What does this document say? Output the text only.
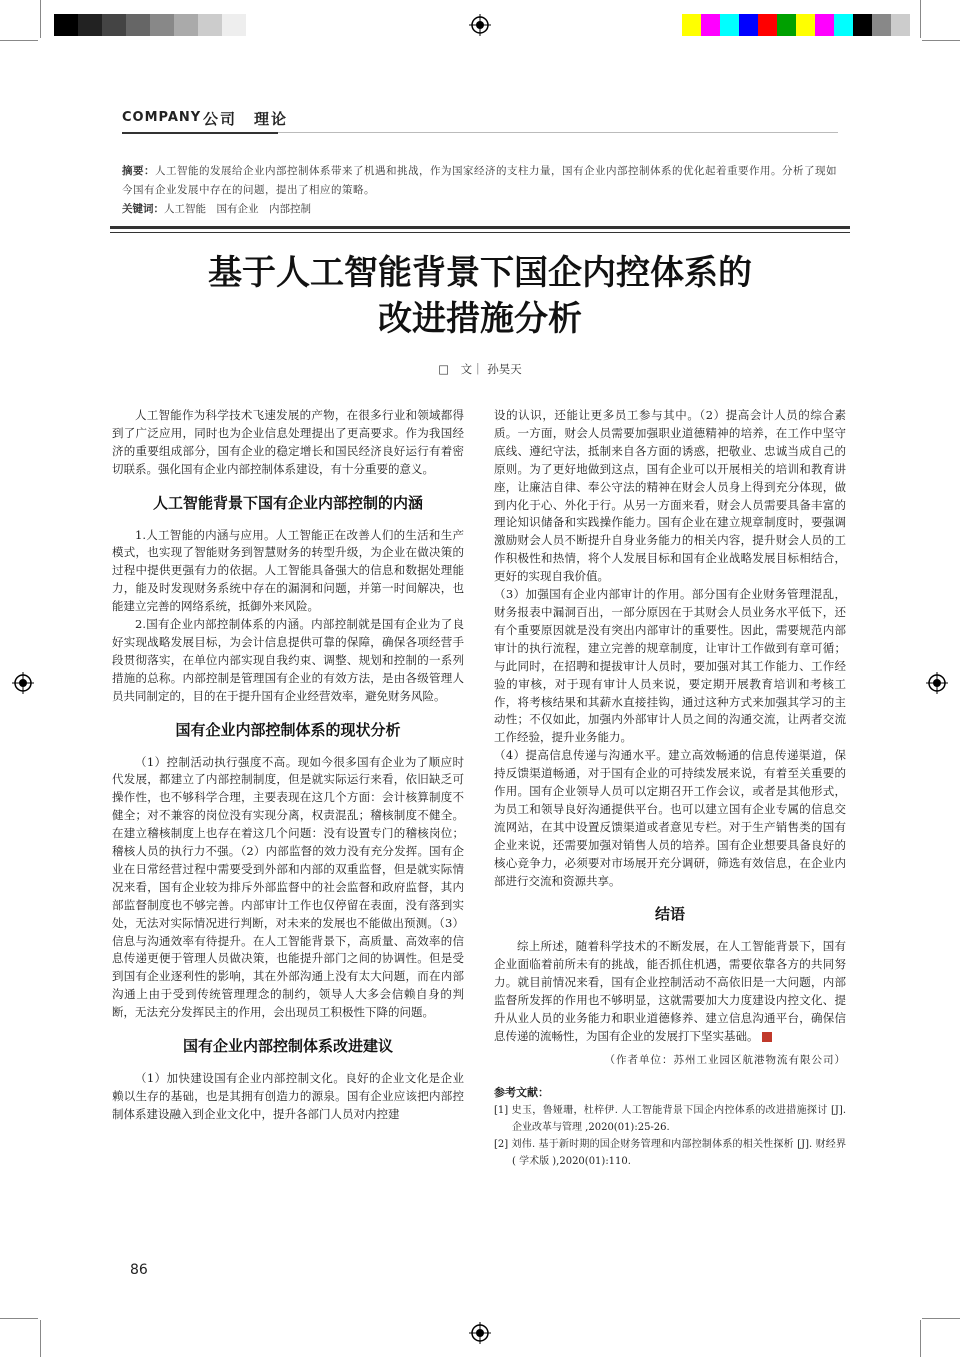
COMPANY 公司　理论
摘要：人工智能的发展给企业内部控制体系带来了机遇和挑战，作为国家经济的支柱力量，国有企业内部控制体系的优化起着重要作用。分析了现如今国有企业发展中存在的问题，提出了相应的策略。
关键词：人工智能　国有企业　内部控制
基于人工智能背景下国企内控体系的
改进措施分析
□　文｜ 孙昊天

人工智能作为科学技术飞速发展的产物，在很多行业和领域都得到了广泛应用，同时也为企业信息处理提出了更高要求。作为我国经济的重要组成部分，国有企业的稳定增长和国民经济良好运行有着密切联系。强化国有企业内部控制体系建设，有十分重要的意义。

人工智能背景下国有企业内部控制的内涵

1.人工智能的内涵与应用。人工智能正在改善人们的生活和生产模式，也实现了智能财务到智慧财务的转型升级，为企业在做决策的过程中提供更强有力的依据。人工智能具备强大的信息和数据处理能力，能及时发现财务系统中存在的漏洞和问题，并第一时间解决，也能建立完善的网络系统，抵御外来风险。

2.国有企业内部控制体系的内涵。内部控制就是国有企业为了良好实现战略发展目标，为会计信息提供可靠的保障，确保各项经营手段贯彻落实，在单位内部实现自我约束、调整、规划和控制的一系列措施的总称。内部控制是管理国有企业的有效方法，是由各级管理人员共同制定的，目的在于提升国有企业经营效率，避免财务风险。

国有企业内部控制体系的现状分析

（1）控制活动执行强度不高。现如今很多国有企业为了顺应时代发展，都建立了内部控制制度，但是就实际运行来看，依旧缺乏可操作性，也不够科学合理，主要表现在这几个方面：会计核算制度不健全；对不兼容的岗位没有实现分离，权责混乱；稽核制度不健全。在建立稽核制度上也存在着这几个问题：没有设置专门的稽核岗位；稽核人员的执行力不强。（2）内部监督的效力没有充分发挥。国有企业在日常经营过程中需要受到外部和内部的双重监督，但是就实际情况来看，国有企业较为排斥外部监督中的社会监督和政府监督，其内部监督制度也不够完善。内部审计工作也仅停留在表面，没有落到实处，无法对实际情况进行判断，对未来的发展也不能做出预测。（3）信息与沟通效率有待提升。在人工智能背景下，高质量、高效率的信息传递更便于管理人员做决策，也能提升部门之间的协调性。但是受到国有企业逐利性的影响，其在外部沟通上没有太大问题，而在内部沟通上由于受到传统管理理念的制约，领导人大多会信赖自身的判断，无法充分发挥民主的作用，会出现员工积极性下降的问题。

国有企业内部控制体系改进建议

（1）加快建设国有企业内部控制文化。良好的企业文化是企业赖以生存的基础，也是其拥有创造力的源泉。国有企业应该把内部控制体系建设融入到企业文化中，提升各部门人员对内控建

设的认识，还能让更多员工参与其中。（2）提高会计人员的综合素质。一方面，财会人员需要加强职业道德精神的培养，在工作中坚守底线、遵纪守法，抵制来自各方面的诱惑，把敬业、忠诚当成自己的原则。为了更好地做到这点，国有企业可以开展相关的培训和教育讲座，让廉洁自律、奉公守法的精神在财会人员身上得到充分体现，做到内化于心、外化于行。从另一方面来看，财会人员需要具备丰富的理论知识储备和实践操作能力。国有企业在建立规章制度时，要强调激励财会人员不断提升自身业务能力的相关内容，提升财会人员的工作积极性和热情，将个人发展目标和国有企业战略发展目标相结合，更好的实现自我价值。

（3）加强国有企业内部审计的作用。部分国有企业财务管理混乱，财务报表中漏洞百出，一部分原因在于其财会人员业务水平低下，还有个重要原因就是没有突出内部审计的重要性。因此，需要规范内部审计的执行流程，建立完善的规章制度，让审计工作做到有章可循；与此同时，在招聘和提拔审计人员时，要加强对其工作能力、工作经验的审核，对于现有审计人员来说，要定期开展教育培训和考核工作，将考核结果和其薪水直接挂钩，通过这种方式来加强其学习的主动性；不仅如此，加强内外部审计人员之间的沟通交流，让两者交流工作经验，提升业务能力。

（4）提高信息传递与沟通水平。建立高效畅通的信息传递渠道，保持反馈渠道畅通，对于国有企业的可持续发展来说，有着至关重要的作用。国有企业领导人员可以定期召开工作会议，或者是其他形式，为员工和领导良好沟通提供平台。也可以建立国有企业专属的信息交流网站，在其中设置反馈渠道或者意见专栏。对于生产销售类的国有企业来说，还需要加强对销售人员的培养。国有企业想要具备良好的核心竞争力，必须要对市场展开充分调研，筛选有效信息，在企业内部进行交流和资源共享。

结语

综上所述，随着科学技术的不断发展，在人工智能背景下，国有企业面临着前所未有的挑战，能否抓住机遇，需要依靠各方的共同努力。就目前情况来看，国有企业控制活动不高依旧是一大问题，内部监督所发挥的作用也不够明显，这就需要加大力度建设内控文化、提升从业人员的业务能力和职业道德修养、建立信息沟通平台，确保信息传递的流畅性，为国有企业的发展打下坚实基础。

（作者单位：苏州工业园区航港物流有限公司）
参考文献：
[1] 史玉，鲁娅珊，杜梓伊. 人工智能背景下国企内控体系的改进措施探讨 [J]. 企业改革与管理 ,2020(01):25-26.
[2] 刘伟. 基于新时期的国企财务管理和内部控制体系的相关性探析 [J]. 财经界 ( 学术版 ),2020(01):110.
86
